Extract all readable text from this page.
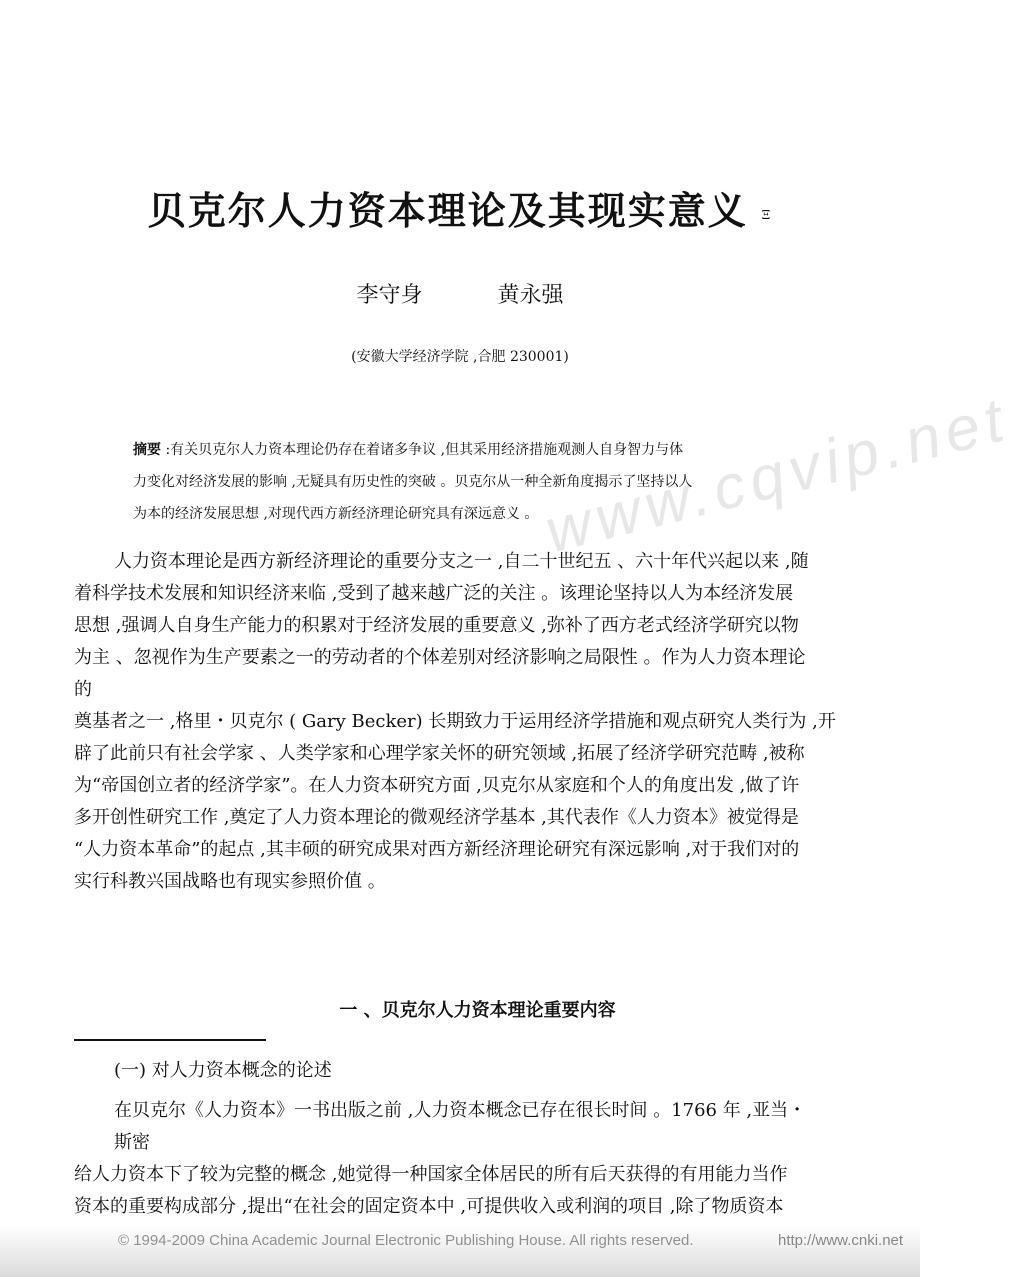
贝克尔人力资本理论及其现实意义 Ξ
李守身	黄永强
(安徽大学经济学院 ,合肥 230001)
www.cqvip.net
摘要 :有关贝克尔人力资本理论仍存在着诸多争议 ,但其采用经济措施观测人自身智力与体
力变化对经济发展的影响 ,无疑具有历史性的突破 。贝克尔从一种全新角度揭示了坚持以人
为本的经济发展思想 ,对现代西方新经济理论研究具有深远意义 。
人力资本理论是西方新经济理论的重要分支之一 ,自二十世纪五 、六十年代兴起以来 ,随
着科学技术发展和知识经济来临 ,受到了越来越广泛的关注 。该理论坚持以人为本经济发展
思想 ,强调人自身生产能力的积累对于经济发展的重要意义 ,弥补了西方老式经济学研究以物
为主 、忽视作为生产要素之一的劳动者的个体差别对经济影响之局限性 。作为人力资本理论
的
奠基者之一 ,格里・贝克尔 ( Gary Becker) 长期致力于运用经济学措施和观点研究人类行为 ,开
辟了此前只有社会学家 、人类学家和心理学家关怀的研究领域 ,拓展了经济学研究范畴 ,被称
为“帝国创立者的经济学家”。在人力资本研究方面 ,贝克尔从家庭和个人的角度出发 ,做了许
多开创性研究工作 ,奠定了人力资本理论的微观经济学基本 ,其代表作《人力资本》被觉得是
“人力资本革命”的起点 ,其丰硕的研究成果对西方新经济理论研究有深远影响 ,对于我们对的
实行科教兴国战略也有现实参照价值 。
一 、贝克尔人力资本理论重要内容
(一) 对人力资本概念的论述
在贝克尔《人力资本》一书出版之前 ,人力资本概念已存在很长时间 。1766 年 ,亚当・
斯密
给人力资本下了较为完整的概念 ,她觉得一种国家全体居民的所有后天获得的有用能力当作
资本的重要构成部分 ,提出“在社会的固定资本中 ,可提供收入或利润的项目 ,除了物质资本
© 1994-2009 China Academic Journal Electronic Publishing House. All rights reserved.	http://www.cnki.net
